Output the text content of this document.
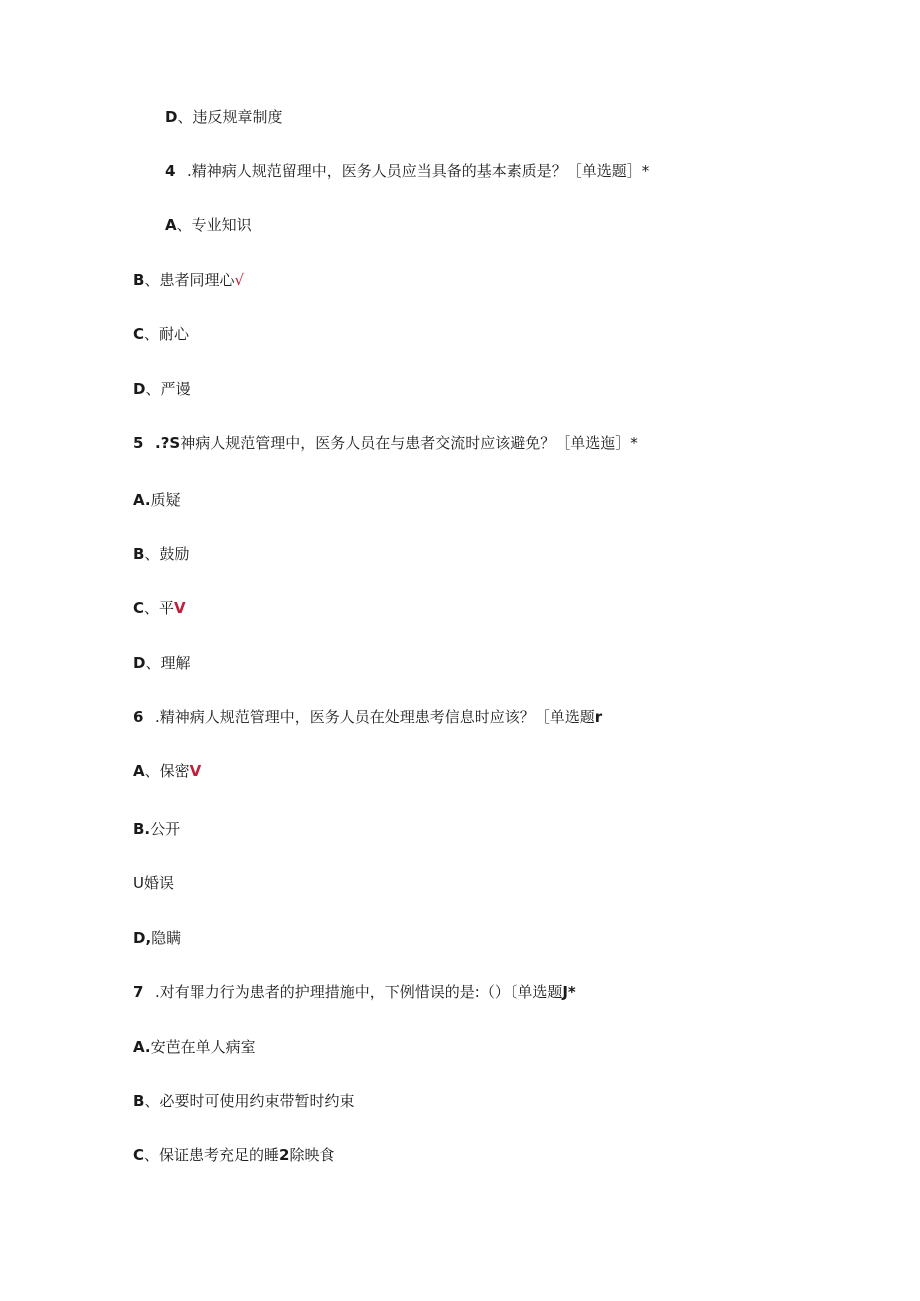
D、违反规章制度
4 .精神病人规范留理中，医务人员应当具备的基本素质是？［单选题］*
A、专业知识
B、患者同理心√
C、耐心
D、严谩
5 .?S神病人规范管理中，医务人员在与患者交流时应该避免？［单选迤］*
A.质疑
B、鼓励
C、平V
D、理解
6 .精神病人规范管理中，医务人员在处理患考信息时应该？［单选题r
A、保密V
B.公开
U婚误
D,隐瞒
7 .对有罪力行为患者的护理措施中，下例惜误的是:（）〔单选题J*
A.安芭在单人病室
B、必要时可使用约束带暂时约束
C、保证患考充足的睡2除映食
